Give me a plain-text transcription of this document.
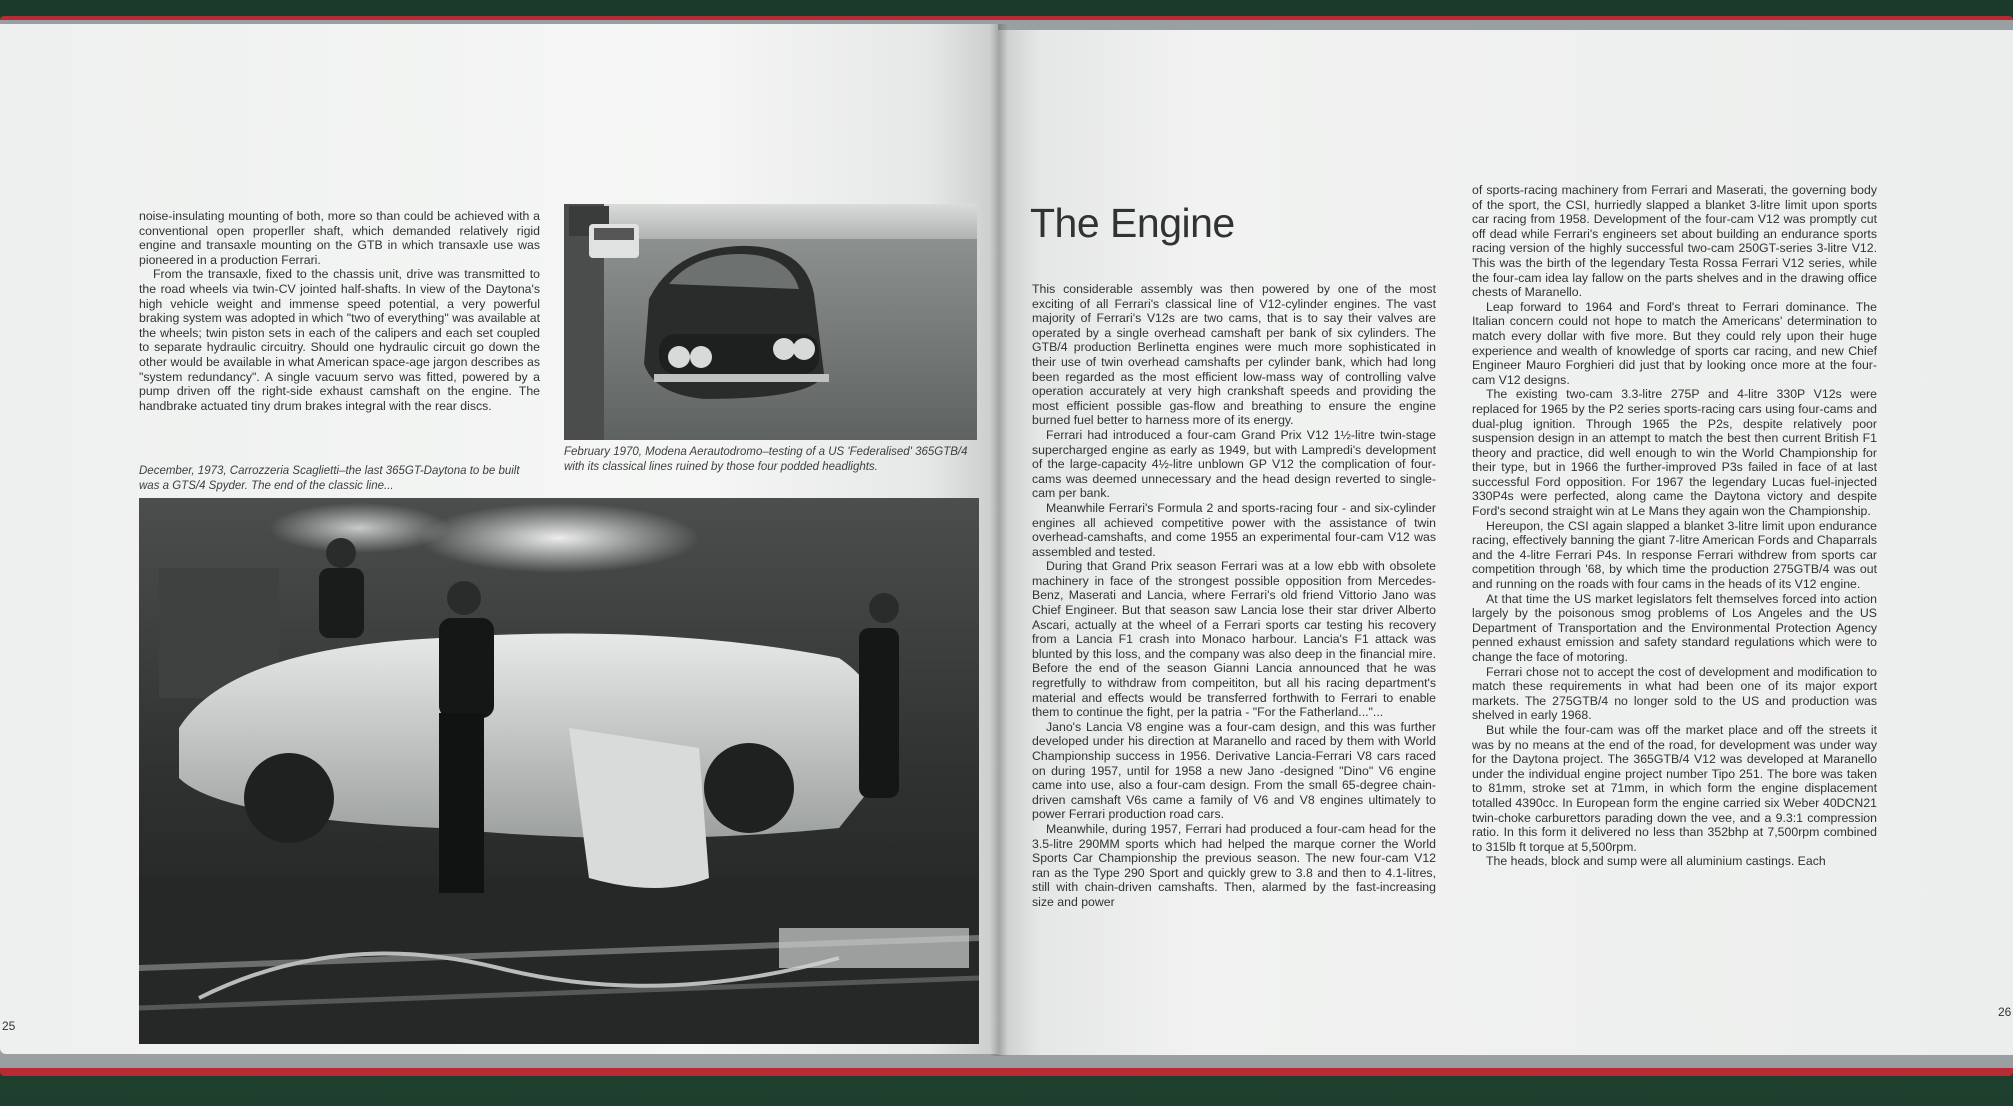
noise-insulating mounting of both, more so than could be achieved with a conventional open properller shaft, which demanded relatively rigid engine and transaxle mounting on the GTB in which transaxle use was pioneered in a production Ferrari.

From the transaxle, fixed to the chassis unit, drive was transmitted to the road wheels via twin-CV jointed half-shafts. In view of the Daytona's high vehicle weight and immense speed potential, a very powerful braking system was adopted in which "two of everything" was available at the wheels; twin piston sets in each of the calipers and each set coupled to separate hydraulic circuitry. Should one hydraulic circuit go down the other would be available in what American space-age jargon describes as "system redundancy". A single vacuum servo was fitted, powered by a pump driven off the right-side exhaust camshaft on the engine. The handbrake actuated tiny drum brakes integral with the rear discs.

December, 1973, Carrozzeria Scaglietti–the last 365GT-Daytona to be built was a GTS/4 Spyder. The end of the classic line...
February 1970, Modena Aerautodromo–testing of a US 'Federalised' 365GTB/4 with its classical lines ruined by those four podded headlights.
25
The Engine

This considerable assembly was then powered by one of the most exciting of all Ferrari's classical line of V12-cylinder engines. The vast majority of Ferrari's V12s are two cams, that is to say their valves are operated by a single overhead camshaft per bank of six cylinders. The GTB/4 production Berlinetta engines were much more sophisticated in their use of twin overhead camshafts per cylinder bank, which had long been regarded as the most efficient low-mass way of controlling valve operation accurately at very high crankshaft speeds and providing the most efficient possible gas-flow and breathing to ensure the engine burned fuel better to harness more of its energy.

Ferrari had introduced a four-cam Grand Prix V12 1½-litre twin-stage supercharged engine as early as 1949, but with Lampredi's development of the large-capacity 4½-litre unblown GP V12 the complication of four-cams was deemed unnecessary and the head design reverted to single-cam per bank.

Meanwhile Ferrari's Formula 2 and sports-racing four - and six-cylinder engines all achieved competitive power with the assistance of twin overhead-camshafts, and come 1955 an experimental four-cam V12 was assembled and tested.

During that Grand Prix season Ferrari was at a low ebb with obsolete machinery in face of the strongest possible opposition from Mercedes-Benz, Maserati and Lancia, where Ferrari's old friend Vittorio Jano was Chief Engineer. But that season saw Lancia lose their star driver Alberto Ascari, actually at the wheel of a Ferrari sports car testing his recovery from a Lancia F1 crash into Monaco harbour. Lancia's F1 attack was blunted by this loss, and the company was also deep in the financial mire. Before the end of the season Gianni Lancia announced that he was regretfully to withdraw from compeititon, but all his racing department's material and effects would be transferred forthwith to Ferrari to enable them to continue the fight, per la patria - "For the Fatherland..."...

Jano's Lancia V8 engine was a four-cam design, and this was further developed under his direction at Maranello and raced by them with World Championship success in 1956. Derivative Lancia-Ferrari V8 cars raced on during 1957, until for 1958 a new Jano -designed "Dino" V6 engine came into use, also a four-cam design. From the small 65-degree chain-driven camshaft V6s came a family of V6 and V8 engines ultimately to power Ferrari production road cars.

Meanwhile, during 1957, Ferrari had produced a four-cam head for the 3.5-litre 290MM sports which had helped the marque corner the World Sports Car Championship the previous season. The new four-cam V12 ran as the Type 290 Sport and quickly grew to 3.8 and then to 4.1-litres, still with chain-driven camshafts. Then, alarmed by the fast-increasing size and power

of sports-racing machinery from Ferrari and Maserati, the governing body of the sport, the CSI, hurriedly slapped a blanket 3-litre limit upon sports car racing from 1958. Development of the four-cam V12 was promptly cut off dead while Ferrari's engineers set about building an endurance sports racing version of the highly successful two-cam 250GT-series 3-litre V12. This was the birth of the legendary Testa Rossa Ferrari V12 series, while the four-cam idea lay fallow on the parts shelves and in the drawing office chests of Maranello.

Leap forward to 1964 and Ford's threat to Ferrari dominance. The Italian concern could not hope to match the Americans' determination to match every dollar with five more. But they could rely upon their huge experience and wealth of knowledge of sports car racing, and new Chief Engineer Mauro Forghieri did just that by looking once more at the four-cam V12 designs.

The existing two-cam 3.3-litre 275P and 4-litre 330P V12s were replaced for 1965 by the P2 series sports-racing cars using four-cams and dual-plug ignition. Through 1965 the P2s, despite relatively poor suspension design in an attempt to match the best then current British F1 theory and practice, did well enough to win the World Championship for their type, but in 1966 the further-improved P3s failed in face of at last successful Ford opposition. For 1967 the legendary Lucas fuel-injected 330P4s were perfected, along came the Daytona victory and despite Ford's second straight win at Le Mans they again won the Championship.

Hereupon, the CSI again slapped a blanket 3-litre limit upon endurance racing, effectively banning the giant 7-litre American Fords and Chaparrals and the 4-litre Ferrari P4s. In response Ferrari withdrew from sports car competition through '68, by which time the production 275GTB/4 was out and running on the roads with four cams in the heads of its V12 engine.

At that time the US market legislators felt themselves forced into action largely by the poisonous smog problems of Los Angeles and the US Department of Transportation and the Environmental Protection Agency penned exhaust emission and safety standard regulations which were to change the face of motoring.

Ferrari chose not to accept the cost of development and modification to match these requirements in what had been one of its major export markets. The 275GTB/4 no longer sold to the US and production was shelved in early 1968.

But while the four-cam was off the market place and off the streets it was by no means at the end of the road, for development was under way for the Daytona project. The 365GTB/4 V12 was developed at Maranello under the individual engine project number Tipo 251. The bore was taken to 81mm, stroke set at 71mm, in which form the engine displacement totalled 4390cc. In European form the engine carried six Weber 40DCN21 twin-choke carburettors parading down the vee, and a 9.3:1 compression ratio. In this form it delivered no less than 352bhp at 7,500rpm combined to 315lb ft torque at 5,500rpm.

The heads, block and sump were all aluminium castings. Each

26
